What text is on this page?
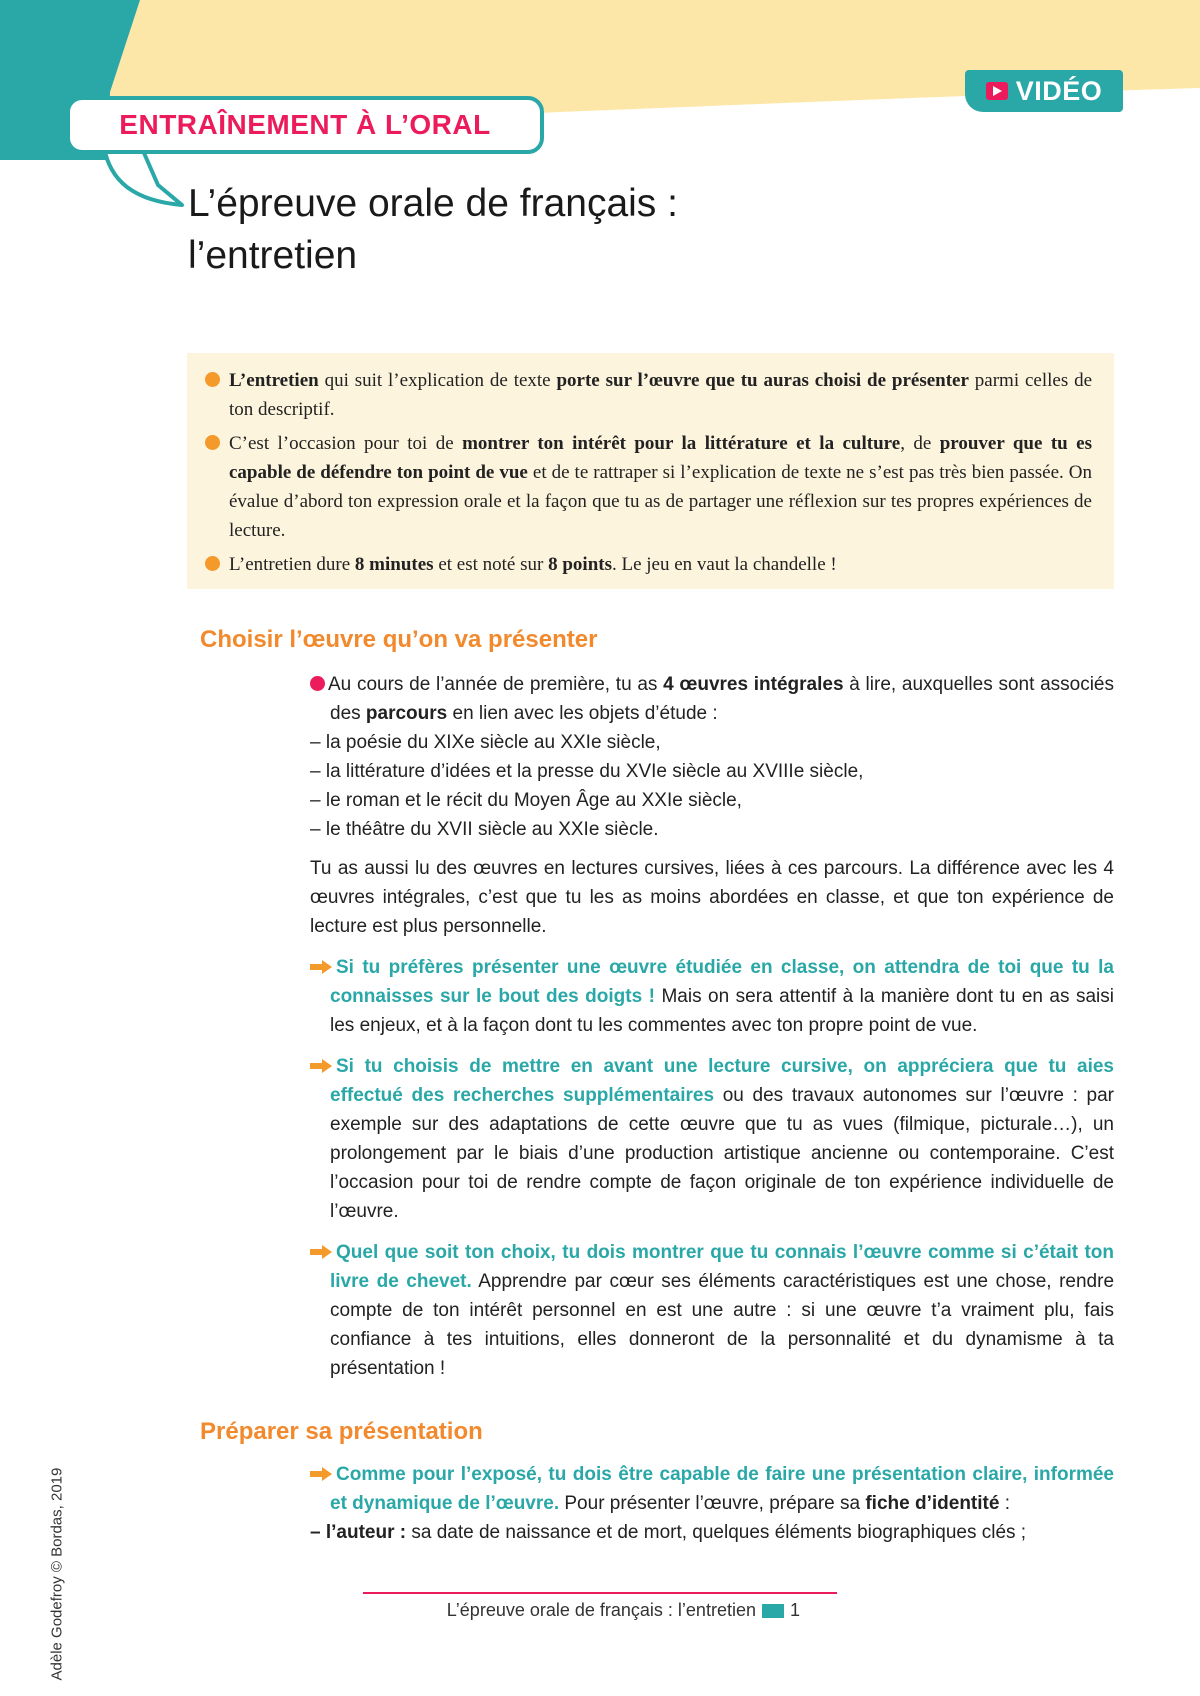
VIDÉO
ENTRAÎNEMENT À L’ORAL
L’épreuve orale de français :
l’entretien

L’entretien qui suit l’explication de texte porte sur l’œuvre que tu auras choisi de présenter parmi celles de ton descriptif.

C’est l’occasion pour toi de montrer ton intérêt pour la littérature et la culture, de prouver que tu es capable de défendre ton point de vue et de te rattraper si l’explication de texte ne s’est pas très bien passée. On évalue d’abord ton expression orale et la façon que tu as de partager une réflexion sur tes propres expériences de lecture.

L’entretien dure 8 minutes et est noté sur 8 points. Le jeu en vaut la chandelle !

Choisir l’œuvre qu’on va présenter

Au cours de l’année de première, tu as 4 œuvres intégrales à lire, auxquelles sont associés des parcours en lien avec les objets d’étude :

– la poésie du XIXe siècle au XXIe siècle,

– la littérature d’idées et la presse du XVIe siècle au XVIIIe siècle,

– le roman et le récit du Moyen Âge au XXIe siècle,

– le théâtre du XVII siècle au XXIe siècle.

Tu as aussi lu des œuvres en lectures cursives, liées à ces parcours. La différence avec les 4 œuvres intégrales, c’est que tu les as moins abordées en classe, et que ton expérience de lecture est plus personnelle.

Si tu préfères présenter une œuvre étudiée en classe, on attendra de toi que tu la connaisses sur le bout des doigts ! Mais on sera attentif à la manière dont tu en as saisi les enjeux, et à la façon dont tu les commentes avec ton propre point de vue.

Si tu choisis de mettre en avant une lecture cursive, on appréciera que tu aies effectué des recherches supplémentaires ou des travaux autonomes sur l’œuvre : par exemple sur des adaptations de cette œuvre que tu as vues (filmique, picturale…), un prolongement par le biais d’une production artistique ancienne ou contemporaine. C’est l’occasion pour toi de rendre compte de façon originale de ton expérience individuelle de l’œuvre.

Quel que soit ton choix, tu dois montrer que tu connais l’œuvre comme si c’était ton livre de chevet. Apprendre par cœur ses éléments caractéristiques est une chose, rendre compte de ton intérêt personnel en est une autre : si une œuvre t’a vraiment plu, fais confiance à tes intuitions, elles donneront de la personnalité et du dynamisme à ta présentation !

Préparer sa présentation

Comme pour l’exposé, tu dois être capable de faire une présentation claire, informée et dynamique de l’œuvre. Pour présenter l’œuvre, prépare sa fiche d’identité :

– l’auteur : sa date de naissance et de mort, quelques éléments biographiques clés ;

Adèle Godefroy © Bordas, 2019	L’épreuve orale de français : l’entretien 1
